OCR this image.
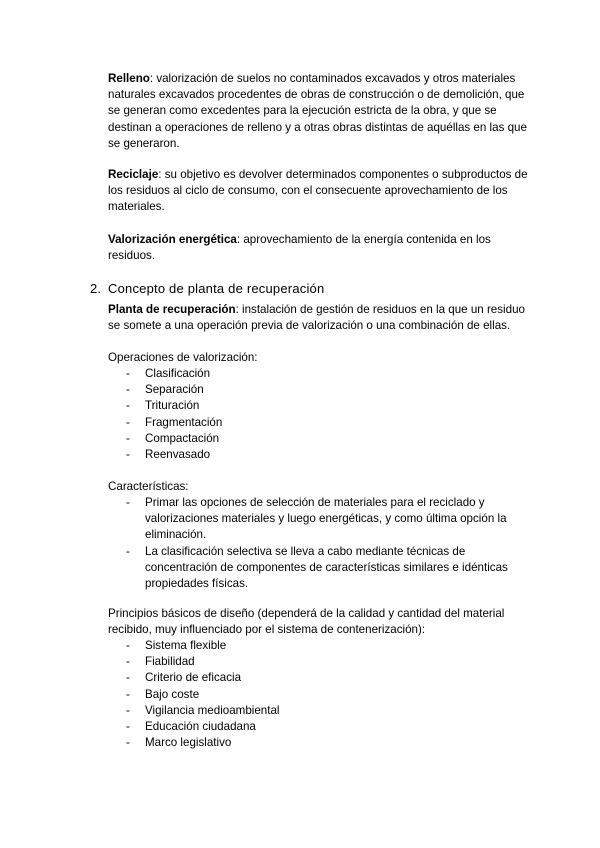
Relleno: valorización de suelos no contaminados excavados y otros materiales naturales excavados procedentes de obras de construcción o de demolición, que se generan como excedentes para la ejecución estricta de la obra, y que se destinan a operaciones de relleno y a otras obras distintas de aquéllas en las que se generaron.

Reciclaje: su objetivo es devolver determinados componentes o subproductos de los residuos al ciclo de consumo, con el consecuente aprovechamiento de los materiales.

Valorización energética: aprovechamiento de la energía contenida en los residuos.

2. Concepto de planta de recuperación

Planta de recuperación: instalación de gestión de residuos en la que un residuo se somete a una operación previa de valorización o una combinación de ellas.

Operaciones de valorización:

- Clasificación
- Separación
- Trituración
- Fragmentación
- Compactación
- Reenvasado

Características:

- Primar las opciones de selección de materiales para el reciclado y valorizaciones materiales y luego energéticas, y como última opción la eliminación.
- La clasificación selectiva se lleva a cabo mediante técnicas de concentración de componentes de características similares e idénticas propiedades físicas.

Principios básicos de diseño (dependerá de la calidad y cantidad del material recibido, muy influenciado por el sistema de contenerización):

- Sistema flexible
- Fiabilidad
- Criterio de eficacia
- Bajo coste
- Vigilancia medioambiental
- Educación ciudadana
- Marco legislativo
